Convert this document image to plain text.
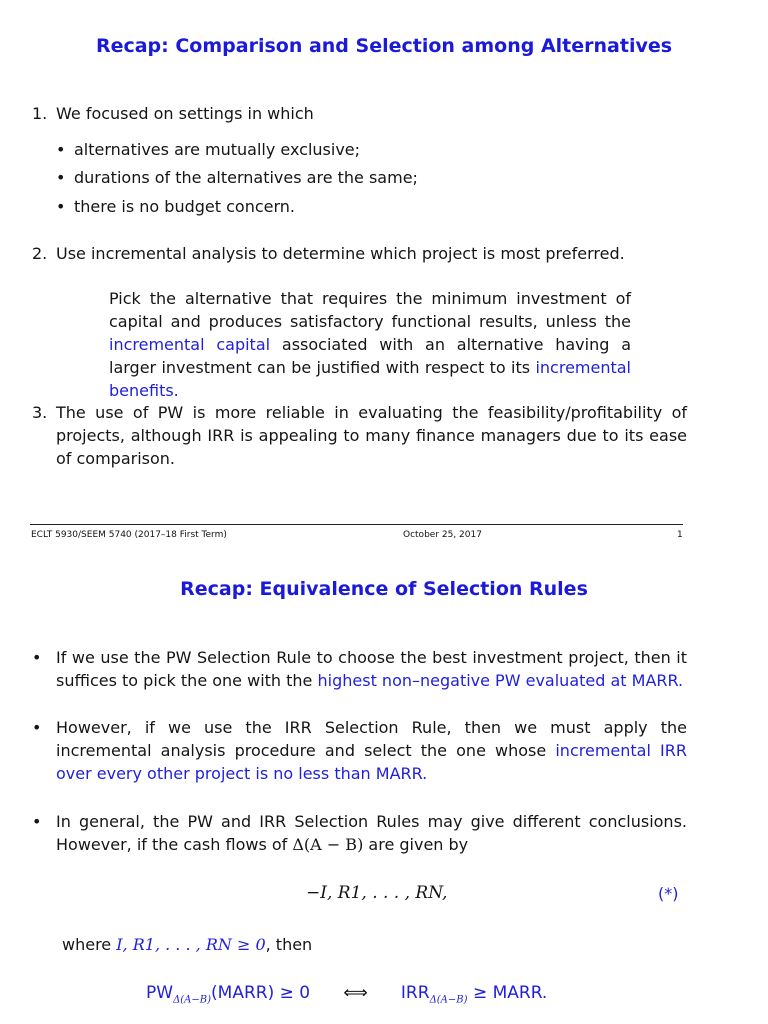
Recap: Comparison and Selection among Alternatives
1. We focused on settings in which
• alternatives are mutually exclusive;
• durations of the alternatives are the same;
• there is no budget concern.
2. Use incremental analysis to determine which project is most preferred.
Pick the alternative that requires the minimum investment of capital and produces satisfactory functional results, unless the incremental capital associated with an alternative having a larger investment can be justified with respect to its incremental benefits.
3. The use of PW is more reliable in evaluating the feasibility/profitability of projects, although IRR is appealing to many finance managers due to its ease of comparison.
ECLT 5930/SEEM 5740 (2017–18 First Term)	October 25, 2017	1
Recap: Equivalence of Selection Rules
• If we use the PW Selection Rule to choose the best investment project, then it suffices to pick the one with the highest non–negative PW evaluated at MARR.
• However, if we use the IRR Selection Rule, then we must apply the incremental analysis procedure and select the one whose incremental IRR over every other project is no less than MARR.
• In general, the PW and IRR Selection Rules may give different conclusions. However, if the cash flows of Δ(A − B) are given by
−I, R1, . . . , RN,	(*)
where I, R1, . . . , RN ≥ 0, then
$PW_{\Delta(A-B)}(MARR) \ge 0$ ⟺ $IRR_{\Delta(A-B)}$ ≥ MARR.
